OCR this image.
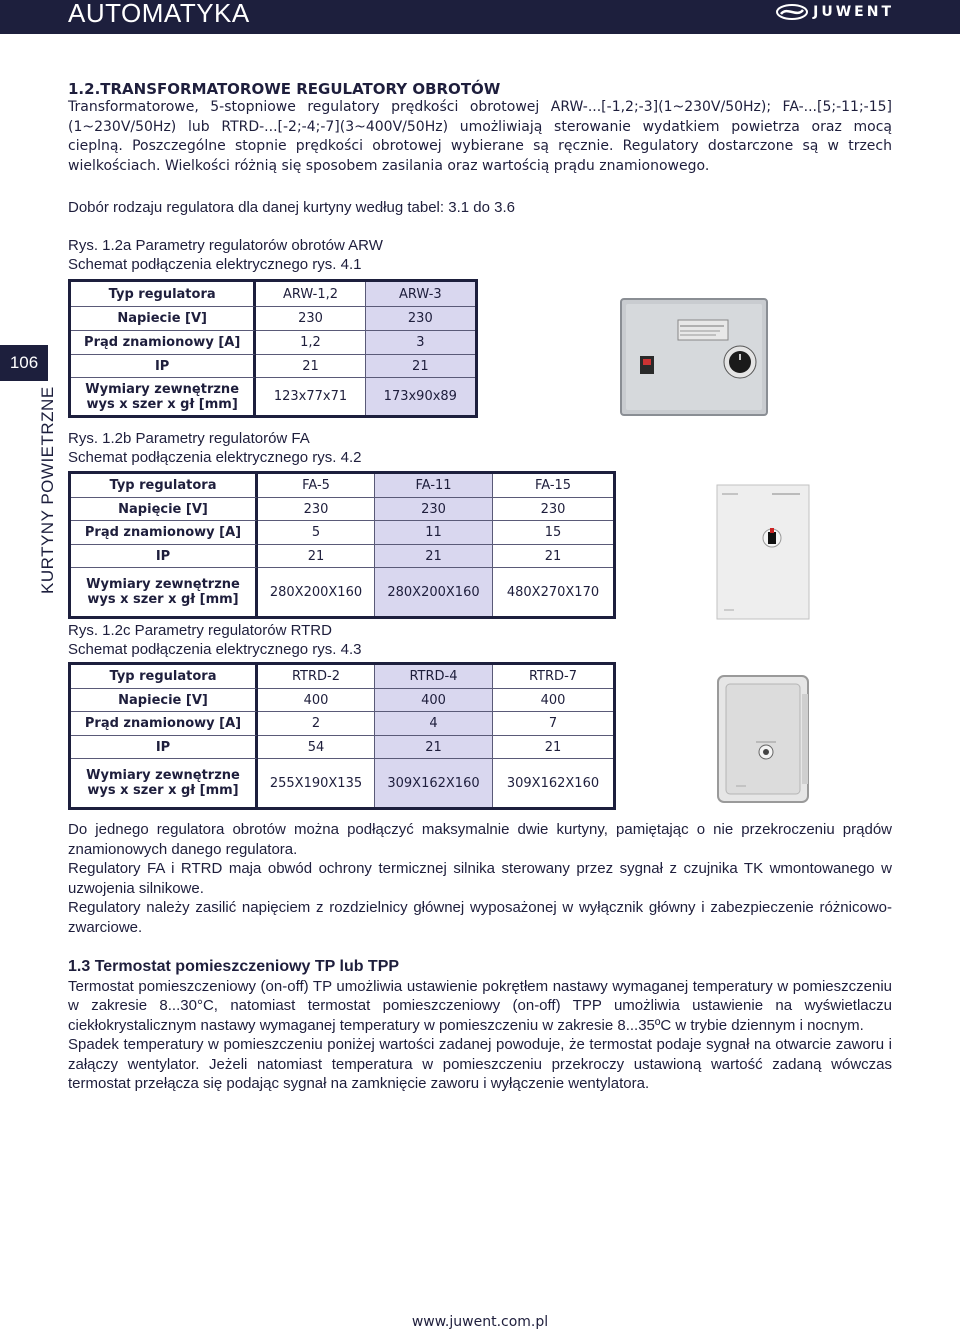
AUTOMATYKA	JUWENT
106
KURTYNY POWIETRZNE
1.2.TRANSFORMATOROWE REGULATORY OBROTÓW
Transformatorowe, 5-stopniowe regulatory prędkości obrotowej ARW-...[-1,2;-3](1~230V/50Hz); FA-...[5;-11;-15](1~230V/50Hz) lub RTRD-...[-2;-4;-7](3~400V/50Hz) umożliwiają sterowanie wydatkiem powietrza oraz mocą cieplną. Poszczególne stopnie prędkości obrotowej wybierane są ręcznie. Regulatory dostarczone są w trzech wielkościach. Wielkości różnią się sposobem zasilania oraz wartością prądu znamionowego.
Dobór rodzaju regulatora dla danej kurtyny według tabel: 3.1 do 3.6
Rys. 1.2a Parametry regulatorów obrotów ARW
Schemat podłączenia elektrycznego rys. 4.1
Typ regulatora	ARW-1,2	ARW-3

Napiecie [V]	230	230

Prąd znamionowy [A]	1,2	3

IP	21	21

Wymiary zewnętrzne
wys x szer x gł [mm]	123x77x71	173x90x89
Rys. 1.2b Parametry regulatorów FA
Schemat podłączenia elektrycznego rys. 4.2
Typ regulatora	FA-5	FA-11	FA-15

Napięcie [V]	230	230	230

Prąd znamionowy [A]	5	11	15

IP	21	21	21

Wymiary zewnętrzne
wys x szer x gł [mm]	280X200X160	280X200X160	480X270X170
Rys. 1.2c Parametry regulatorów RTRD
Schemat podłączenia elektrycznego rys. 4.3
Typ regulatora	RTRD-2	RTRD-4	RTRD-7

Napiecie [V]	400	400	400

Prąd znamionowy [A]	2	4	7

IP	54	21	21

Wymiary zewnętrzne
wys x szer x gł [mm]	255X190X135	309X162X160	309X162X160
Do jednego regulatora obrotów można podłączyć maksymalnie dwie kurtyny, pamiętając o nie przekroczeniu prądów znamionowych danego regulatora.
Regulatory FA i RTRD maja obwód ochrony termicznej silnika sterowany przez sygnał z czujnika TK wmontowanego w uzwojenia silnikowe.
Regulatory należy zasilić napięciem z rozdzielnicy głównej wyposażonej w wyłącznik główny i zabezpieczenie różnicowo-zwarciowe.
1.3 Termostat pomieszczeniowy TP lub TPP
Termostat pomieszczeniowy (on-off) TP umożliwia ustawienie pokrętłem nastawy wymaganej temperatury w pomieszczeniu w zakresie 8...30°C, natomiast termostat pomieszczeniowy (on-off) TPP umożliwia ustawienie na wyświetlaczu ciekłokrystalicznym nastawy wymaganej temperatury w pomieszczeniu w zakresie 8...35ºC w trybie dziennym i nocnym.
Spadek temperatury w pomieszczeniu poniżej wartości zadanej powoduje, że termostat podaje sygnał na otwarcie zaworu i załączy wentylator. Jeżeli natomiast temperatura w pomieszczeniu przekroczy ustawioną wartość zadaną wówczas termostat przełącza się podając sygnał na zamknięcie zaworu i wyłączenie wentylatora.
www.juwent.com.pl
